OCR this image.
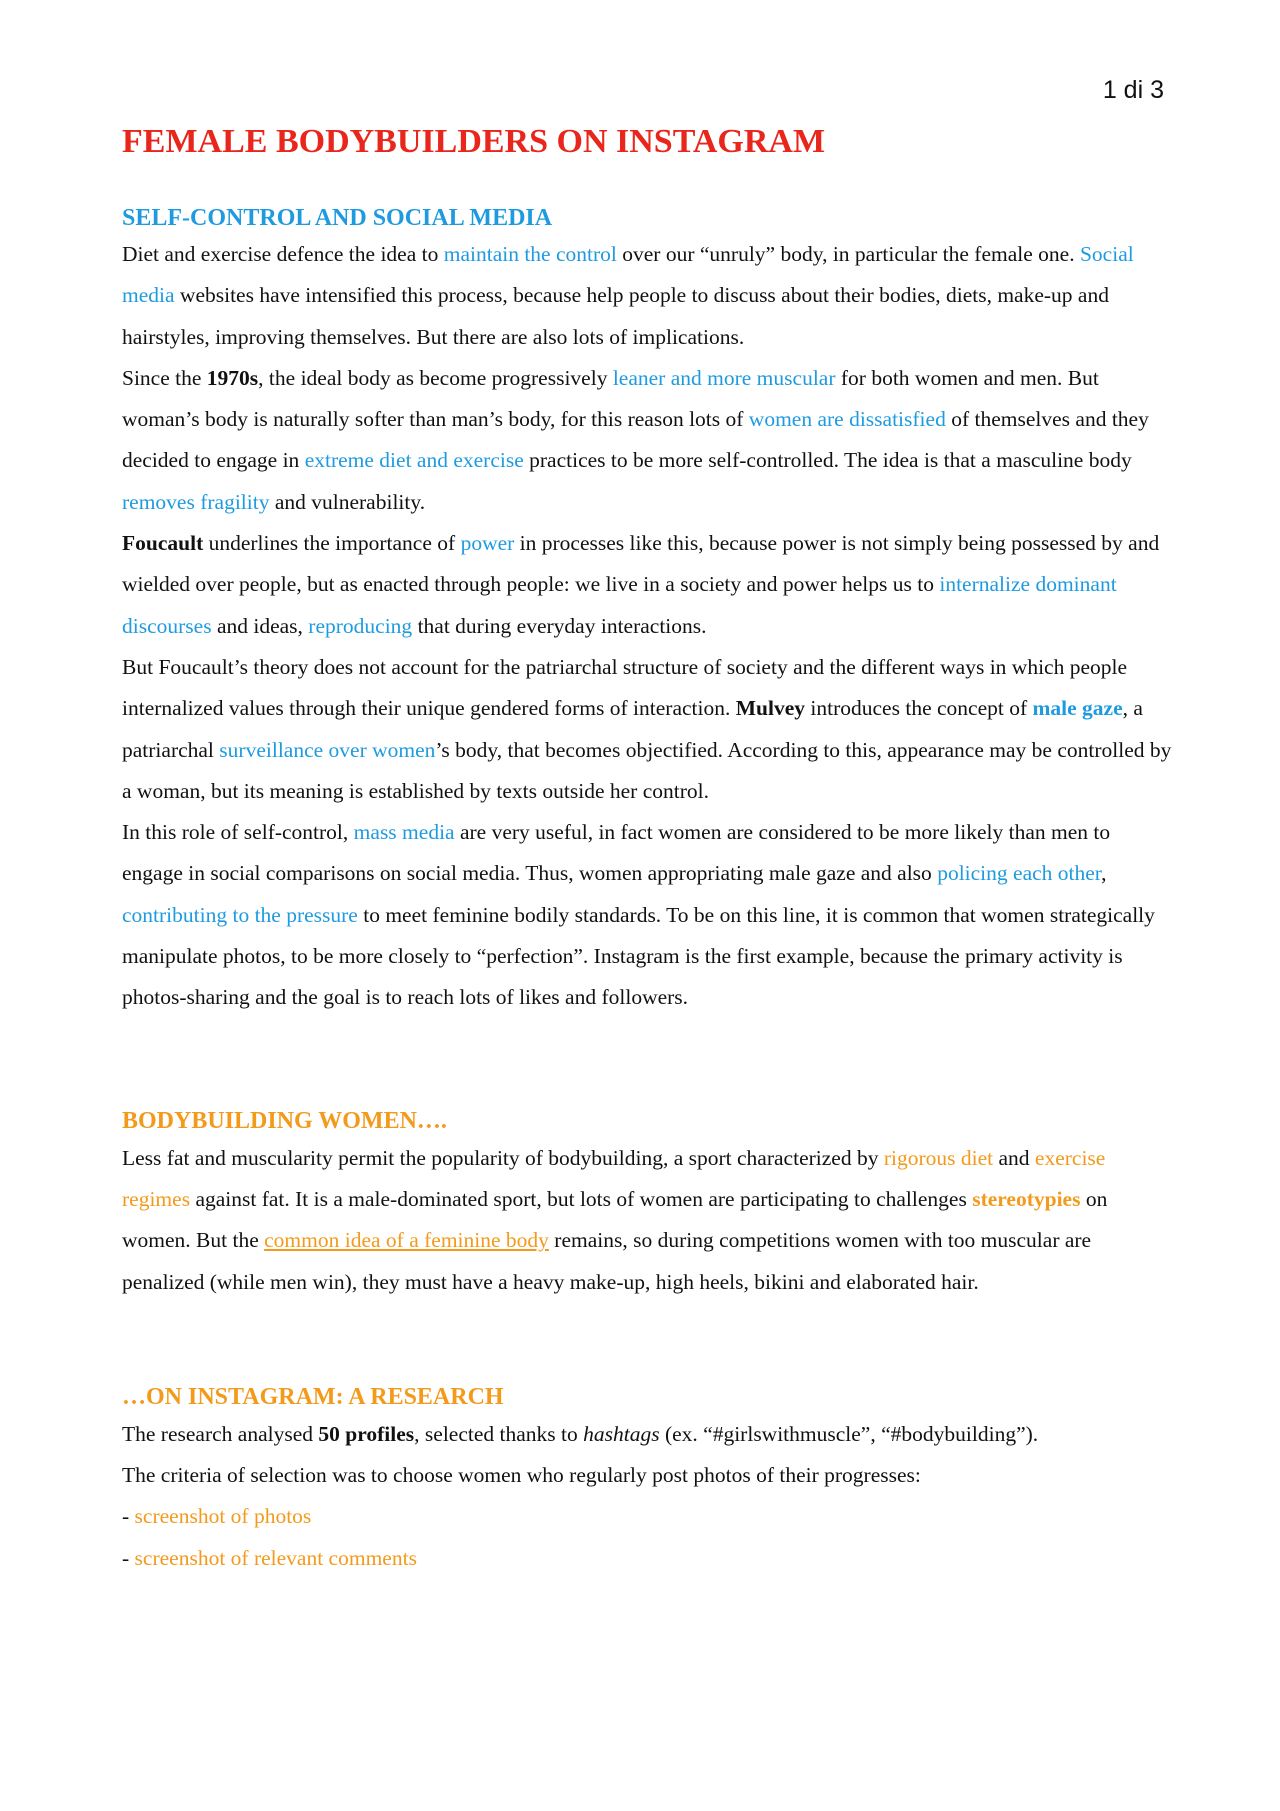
1 di 3
FEMALE BODYBUILDERS ON INSTAGRAM
SELF-CONTROL AND SOCIAL MEDIA

Diet and exercise defence the idea to maintain the control over our “unruly” body, in particular the female one. Social media websites have intensified this process, because help people to discuss about their bodies, diets, make-up and hairstyles, improving themselves. But there are also lots of implications.

Since the 1970s, the ideal body as become progressively leaner and more muscular for both women and men. But woman’s body is naturally softer than man’s body, for this reason lots of women are dissatisfied of themselves and they decided to engage in extreme diet and exercise practices to be more self-controlled. The idea is that a masculine body removes fragility and vulnerability.

Foucault underlines the importance of power in processes like this, because power is not simply being possessed by and wielded over people, but as enacted through people: we live in a society and power helps us to internalize dominant discourses and ideas, reproducing that during everyday interactions.

But Foucault’s theory does not account for the patriarchal structure of society and the different ways in which people internalized values through their unique gendered forms of interaction. Mulvey introduces the concept of male gaze, a patriarchal surveillance over women’s body, that becomes objectified. According to this, appearance may be controlled by a woman, but its meaning is established by texts outside her control.

In this role of self-control, mass media are very useful, in fact women are considered to be more likely than men to engage in social comparisons on social media. Thus, women appropriating male gaze and also policing each other, contributing to the pressure to meet feminine bodily standards. To be on this line, it is common that women strategically manipulate photos, to be more closely to “perfection”. Instagram is the first example, because the primary activity is photos-sharing and the goal is to reach lots of likes and followers.

BODYBUILDING WOMEN….

Less fat and muscularity permit the popularity of bodybuilding, a sport characterized by rigorous diet and exercise regimes against fat. It is a male-dominated sport, but lots of women are participating to challenges stereotypies on women. But the common idea of a feminine body remains, so during competitions women with too muscular are penalized (while men win), they must have a heavy make-up, high heels, bikini and elaborated hair.

…ON INSTAGRAM: A RESEARCH

The research analysed 50 profiles, selected thanks to hashtags (ex. “#girlswithmuscle”, “#bodybuilding”).

The criteria of selection was to choose women who regularly post photos of their progresses:

- screenshot of photos

- screenshot of relevant comments
